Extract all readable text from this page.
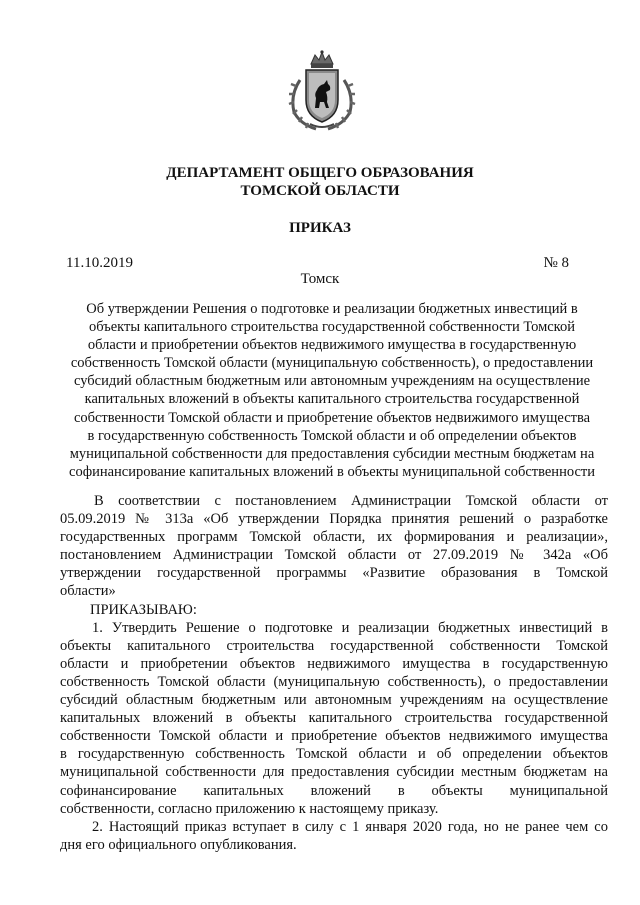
ДЕПАРТАМЕНТ ОБЩЕГО ОБРАЗОВАНИЯ
ТОМСКОЙ ОБЛАСТИ
ПРИКАЗ
11.10.2019	№ 8
Томск
Об утверждении Решения о подготовке и реализации бюджетных инвестиций в
объекты капитального строительства государственной собственности Томской
области и приобретении объектов недвижимого имущества в государственную
собственность Томской области (муниципальную собственность), о предоставлении
субсидий областным бюджетным или автономным учреждениям на осуществление
капитальных вложений в объекты капитального строительства государственной
собственности Томской области и приобретение объектов недвижимого имущества
в государственную собственность Томской области и об определении объектов
муниципальной собственности для предоставления субсидии местным бюджетам на
софинансирование капитальных вложений в объекты муниципальной собственности
В соответствии с постановлением Администрации Томской области от
05.09.2019 № 313а «Об утверждении Порядка принятия решений о разработке
государственных программ Томской области, их формирования и реализации»,
постановлением Администрации Томской области от 27.09.2019 № 342а «Об
утверждении государственной программы «Развитие образования в Томской
области»
ПРИКАЗЫВАЮ:
1. Утвердить Решение о подготовке и реализации бюджетных инвестиций в
объекты капитального строительства государственной собственности Томской
области и приобретении объектов недвижимого имущества в государственную
собственность Томской области (муниципальную собственность), о предоставлении
субсидий областным бюджетным или автономным учреждениям на осуществление
капитальных вложений в объекты капитального строительства государственной
собственности Томской области и приобретение объектов недвижимого имущества
в государственную собственность Томской области и об определении объектов
муниципальной собственности для предоставления субсидии местным бюджетам на
софинансирование капитальных вложений в объекты муниципальной
собственности, согласно приложению к настоящему приказу.
2. Настоящий приказ вступает в силу с 1 января 2020 года, но не ранее чем со
дня его официального опубликования.
